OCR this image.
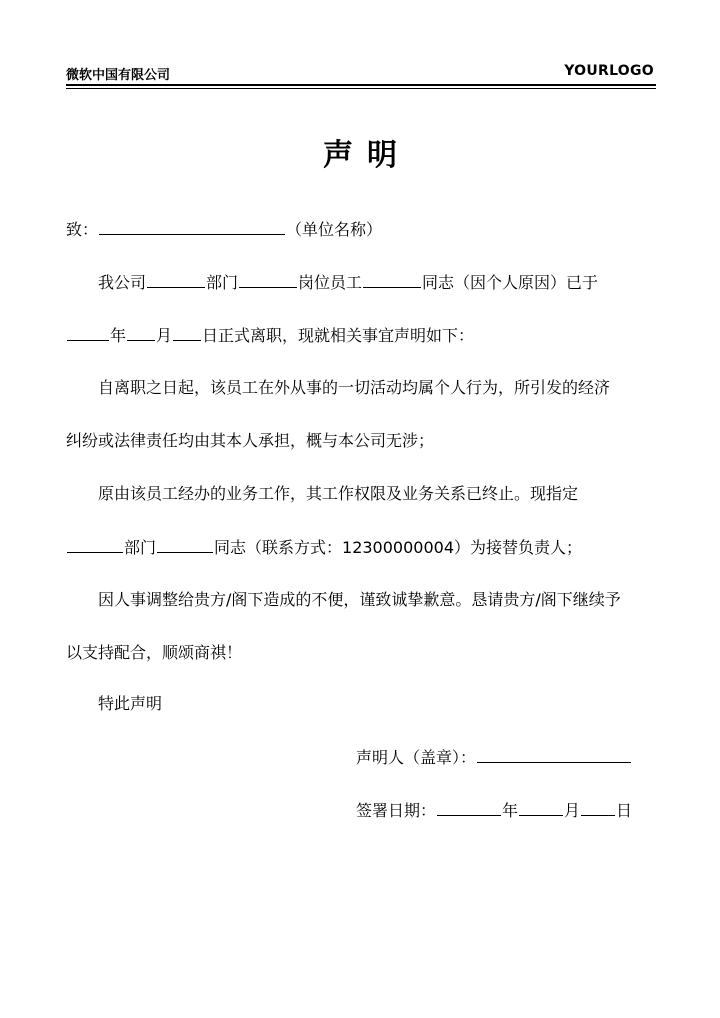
微软中国有限公司	YOURLOGO
声明
致：	（单位名称）
我公司	部门	岗位员工	同志（因个人原因）已于
年 月 日正式离职，现就相关事宜声明如下：
自离职之日起，该员工在外从事的一切活动均属个人行为，所引发的经济
纠纷或法律责任均由其本人承担，概与本公司无涉；
原由该员工经办的业务工作，其工作权限及业务关系已终止。现指定
部门	同志（联系方式：12300000004）为接替负责人；
因人事调整给贵方/阁下造成的不便，谨致诚挚歉意。恳请贵方/阁下继续予
以支持配合，顺颂商祺！
特此声明
声明人（盖章）：
签署日期：	年	月 日
